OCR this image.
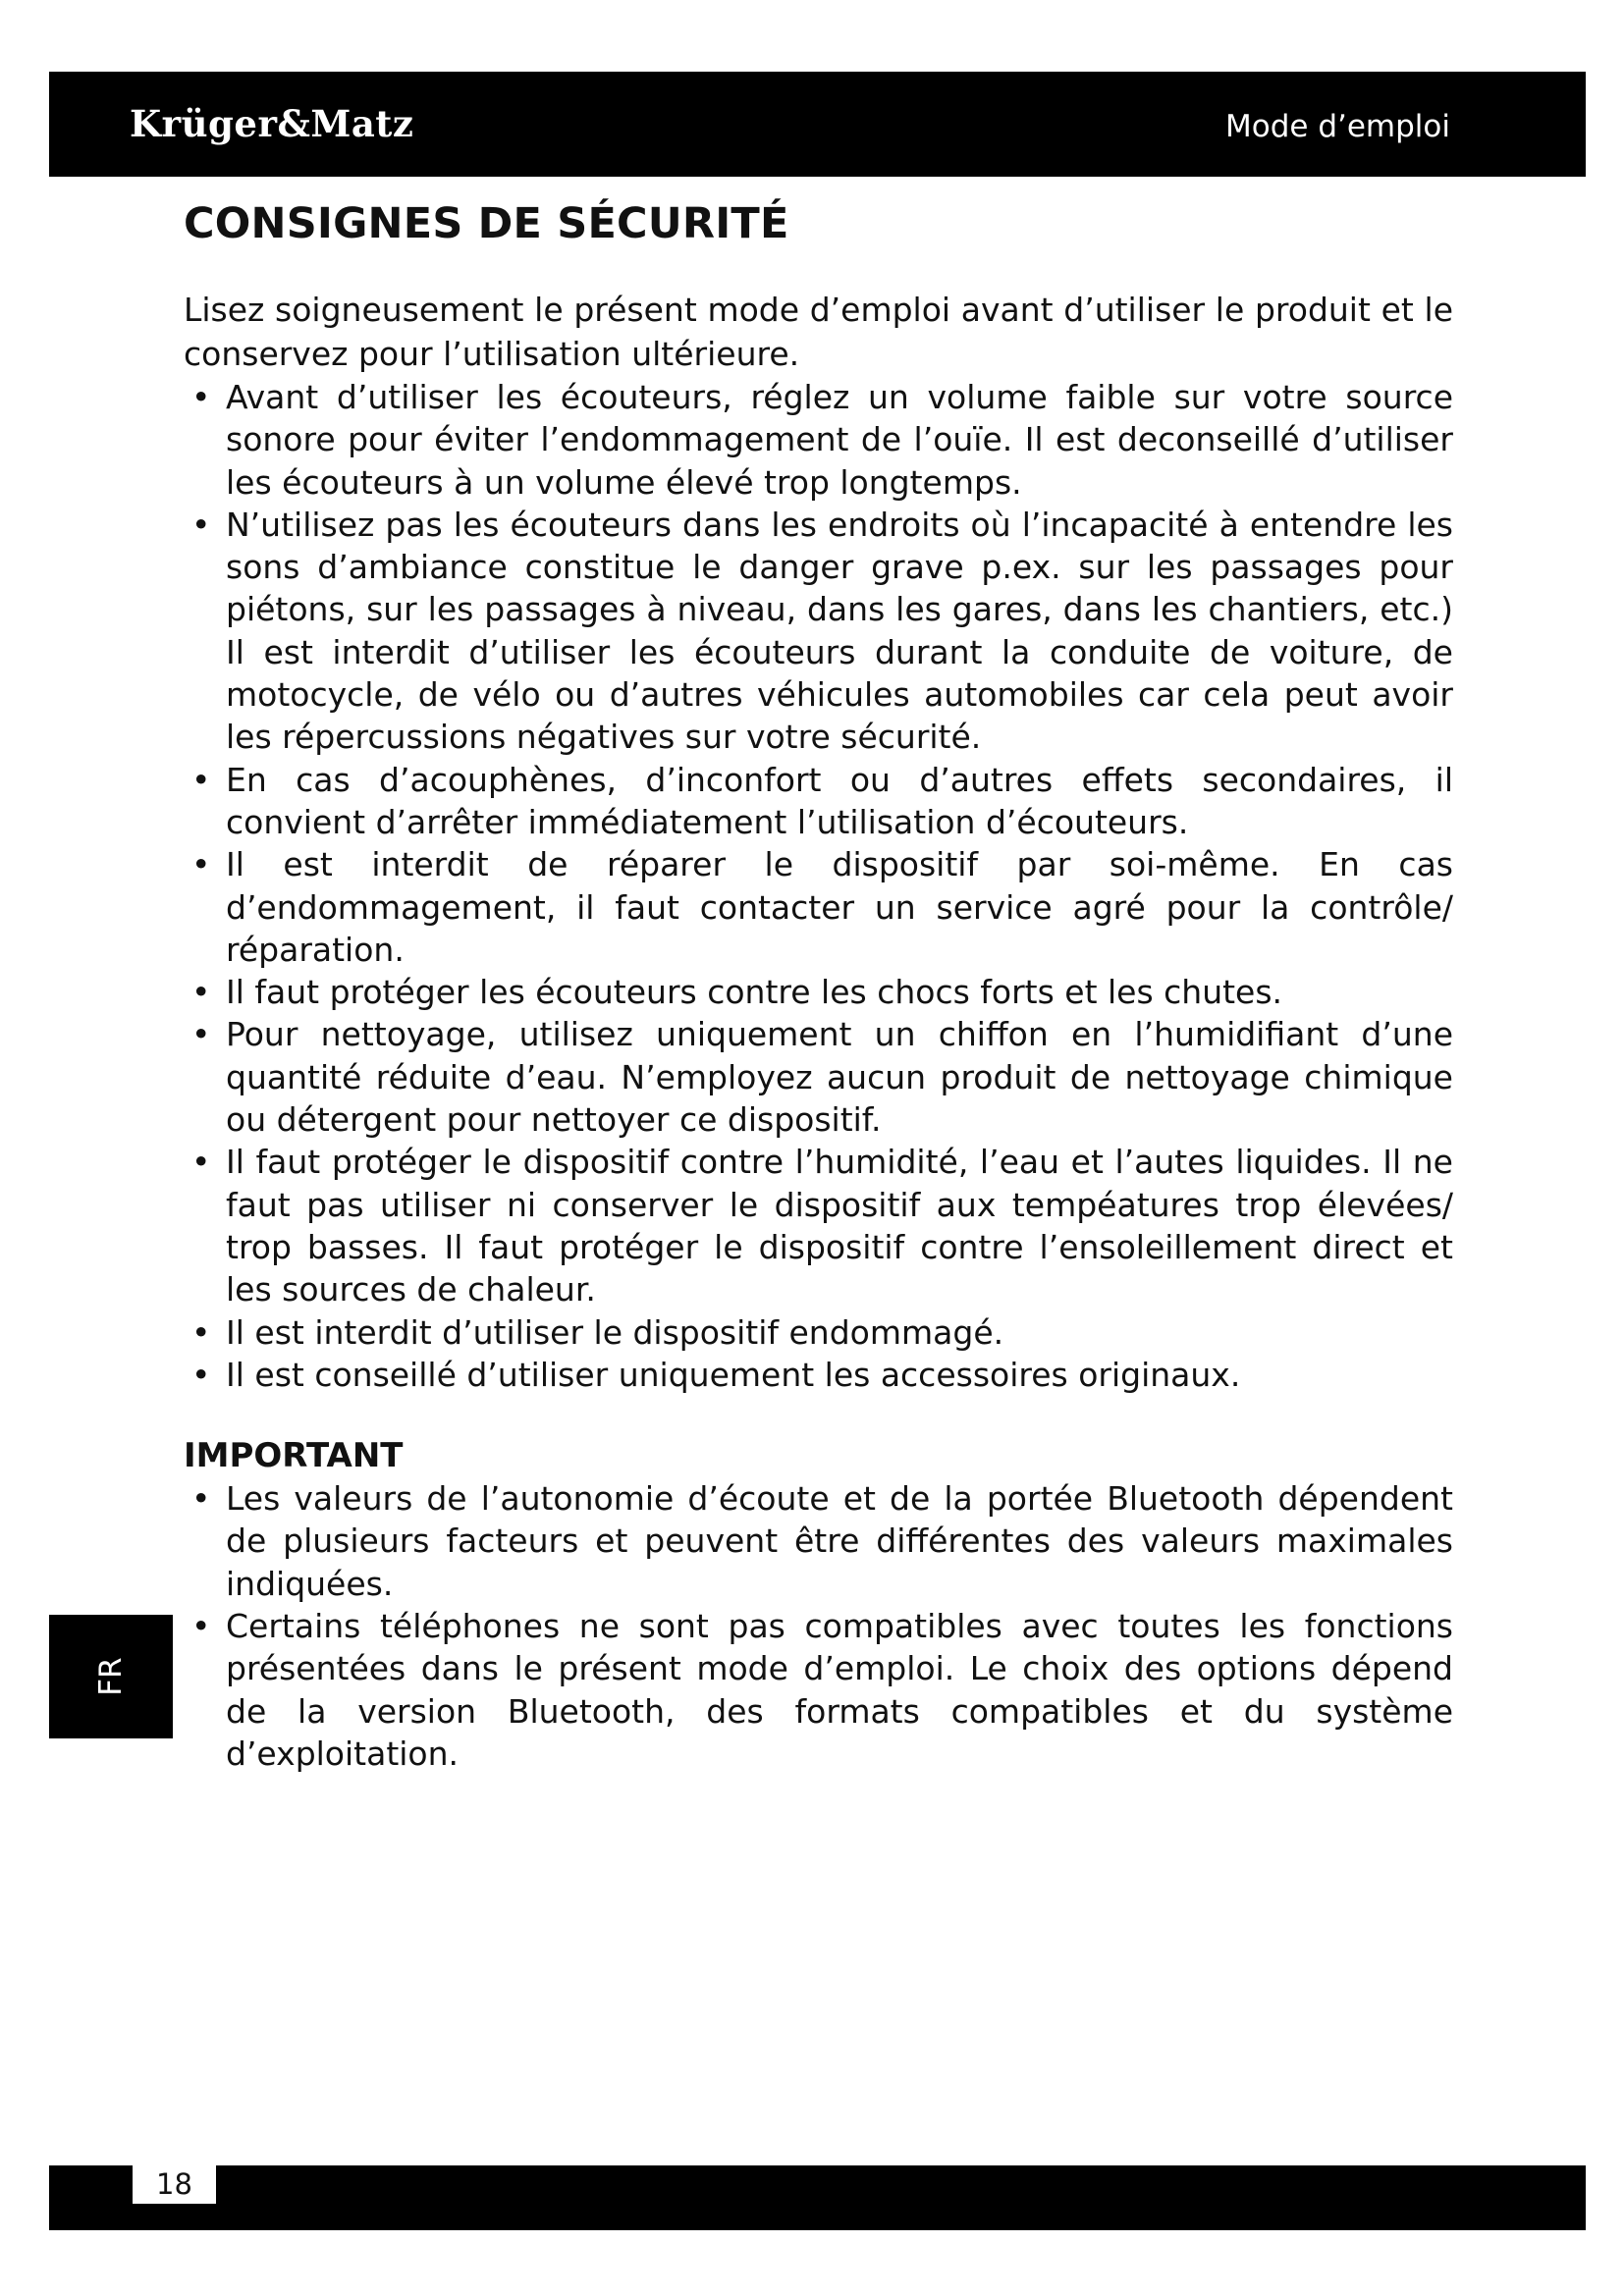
Krüger&Matz	Mode d’emploi
CONSIGNES DE SÉCURITÉ

Lisez soigneusement le présent mode d’emploi avant d’utiliser le produit et le conservez pour l’utilisation ultérieure.

• Avant d’utiliser les écouteurs, réglez un volume faible sur votre source sonore pour éviter l’endommagement de l’ouïe. Il est deconseillé d’utiliser les écouteurs à un volume élevé trop longtemps.
• N’utilisez pas les écouteurs dans les endroits où l’incapacité à entendre les sons d’ambiance constitue le danger grave p.ex. sur les passages pour piétons, sur les passages à niveau, dans les gares, dans les chantiers, etc.) Il est interdit d’utiliser les écouteurs durant la conduite de voiture, de motocycle, de vélo ou d’autres véhicules automobiles car cela peut avoir les répercussions négatives sur votre sécurité.
• En cas d’acouphènes, d’inconfort ou d’autres effets secondaires, il convient d’arrêter immédiatement l’utilisation d’écouteurs.
• Il est interdit de réparer le dispositif par soi-même. En cas d’endommagement, il faut contacter un service agré pour la contrôle/ réparation.
• Il faut protéger les écouteurs contre les chocs forts et les chutes.
• Pour nettoyage, utilisez uniquement un chiffon en l’humidifiant d’une quantité réduite d’eau. N’employez aucun produit de nettoyage chimique ou détergent pour nettoyer ce dispositif.
• Il faut protéger le dispositif contre l’humidité, l’eau et l’autes liquides. Il ne faut pas utiliser ni conserver le dispositif aux tempéatures trop élevées/ trop basses. Il faut protéger le dispositif contre l’ensoleillement direct et les sources de chaleur.
• Il est interdit d’utiliser le dispositif endommagé.
• Il est conseillé d’utiliser uniquement les accessoires originaux.
IMPORTANT
• Les valeurs de l’autonomie d’écoute et de la portée Bluetooth dépendent de plusieurs facteurs et peuvent être différentes des valeurs maximales indiquées.
• Certains téléphones ne sont pas compatibles avec toutes les fonctions présentées dans le présent mode d’emploi. Le choix des options dépend de la version Bluetooth, des formats compatibles et du système d’exploitation.
FR
18
